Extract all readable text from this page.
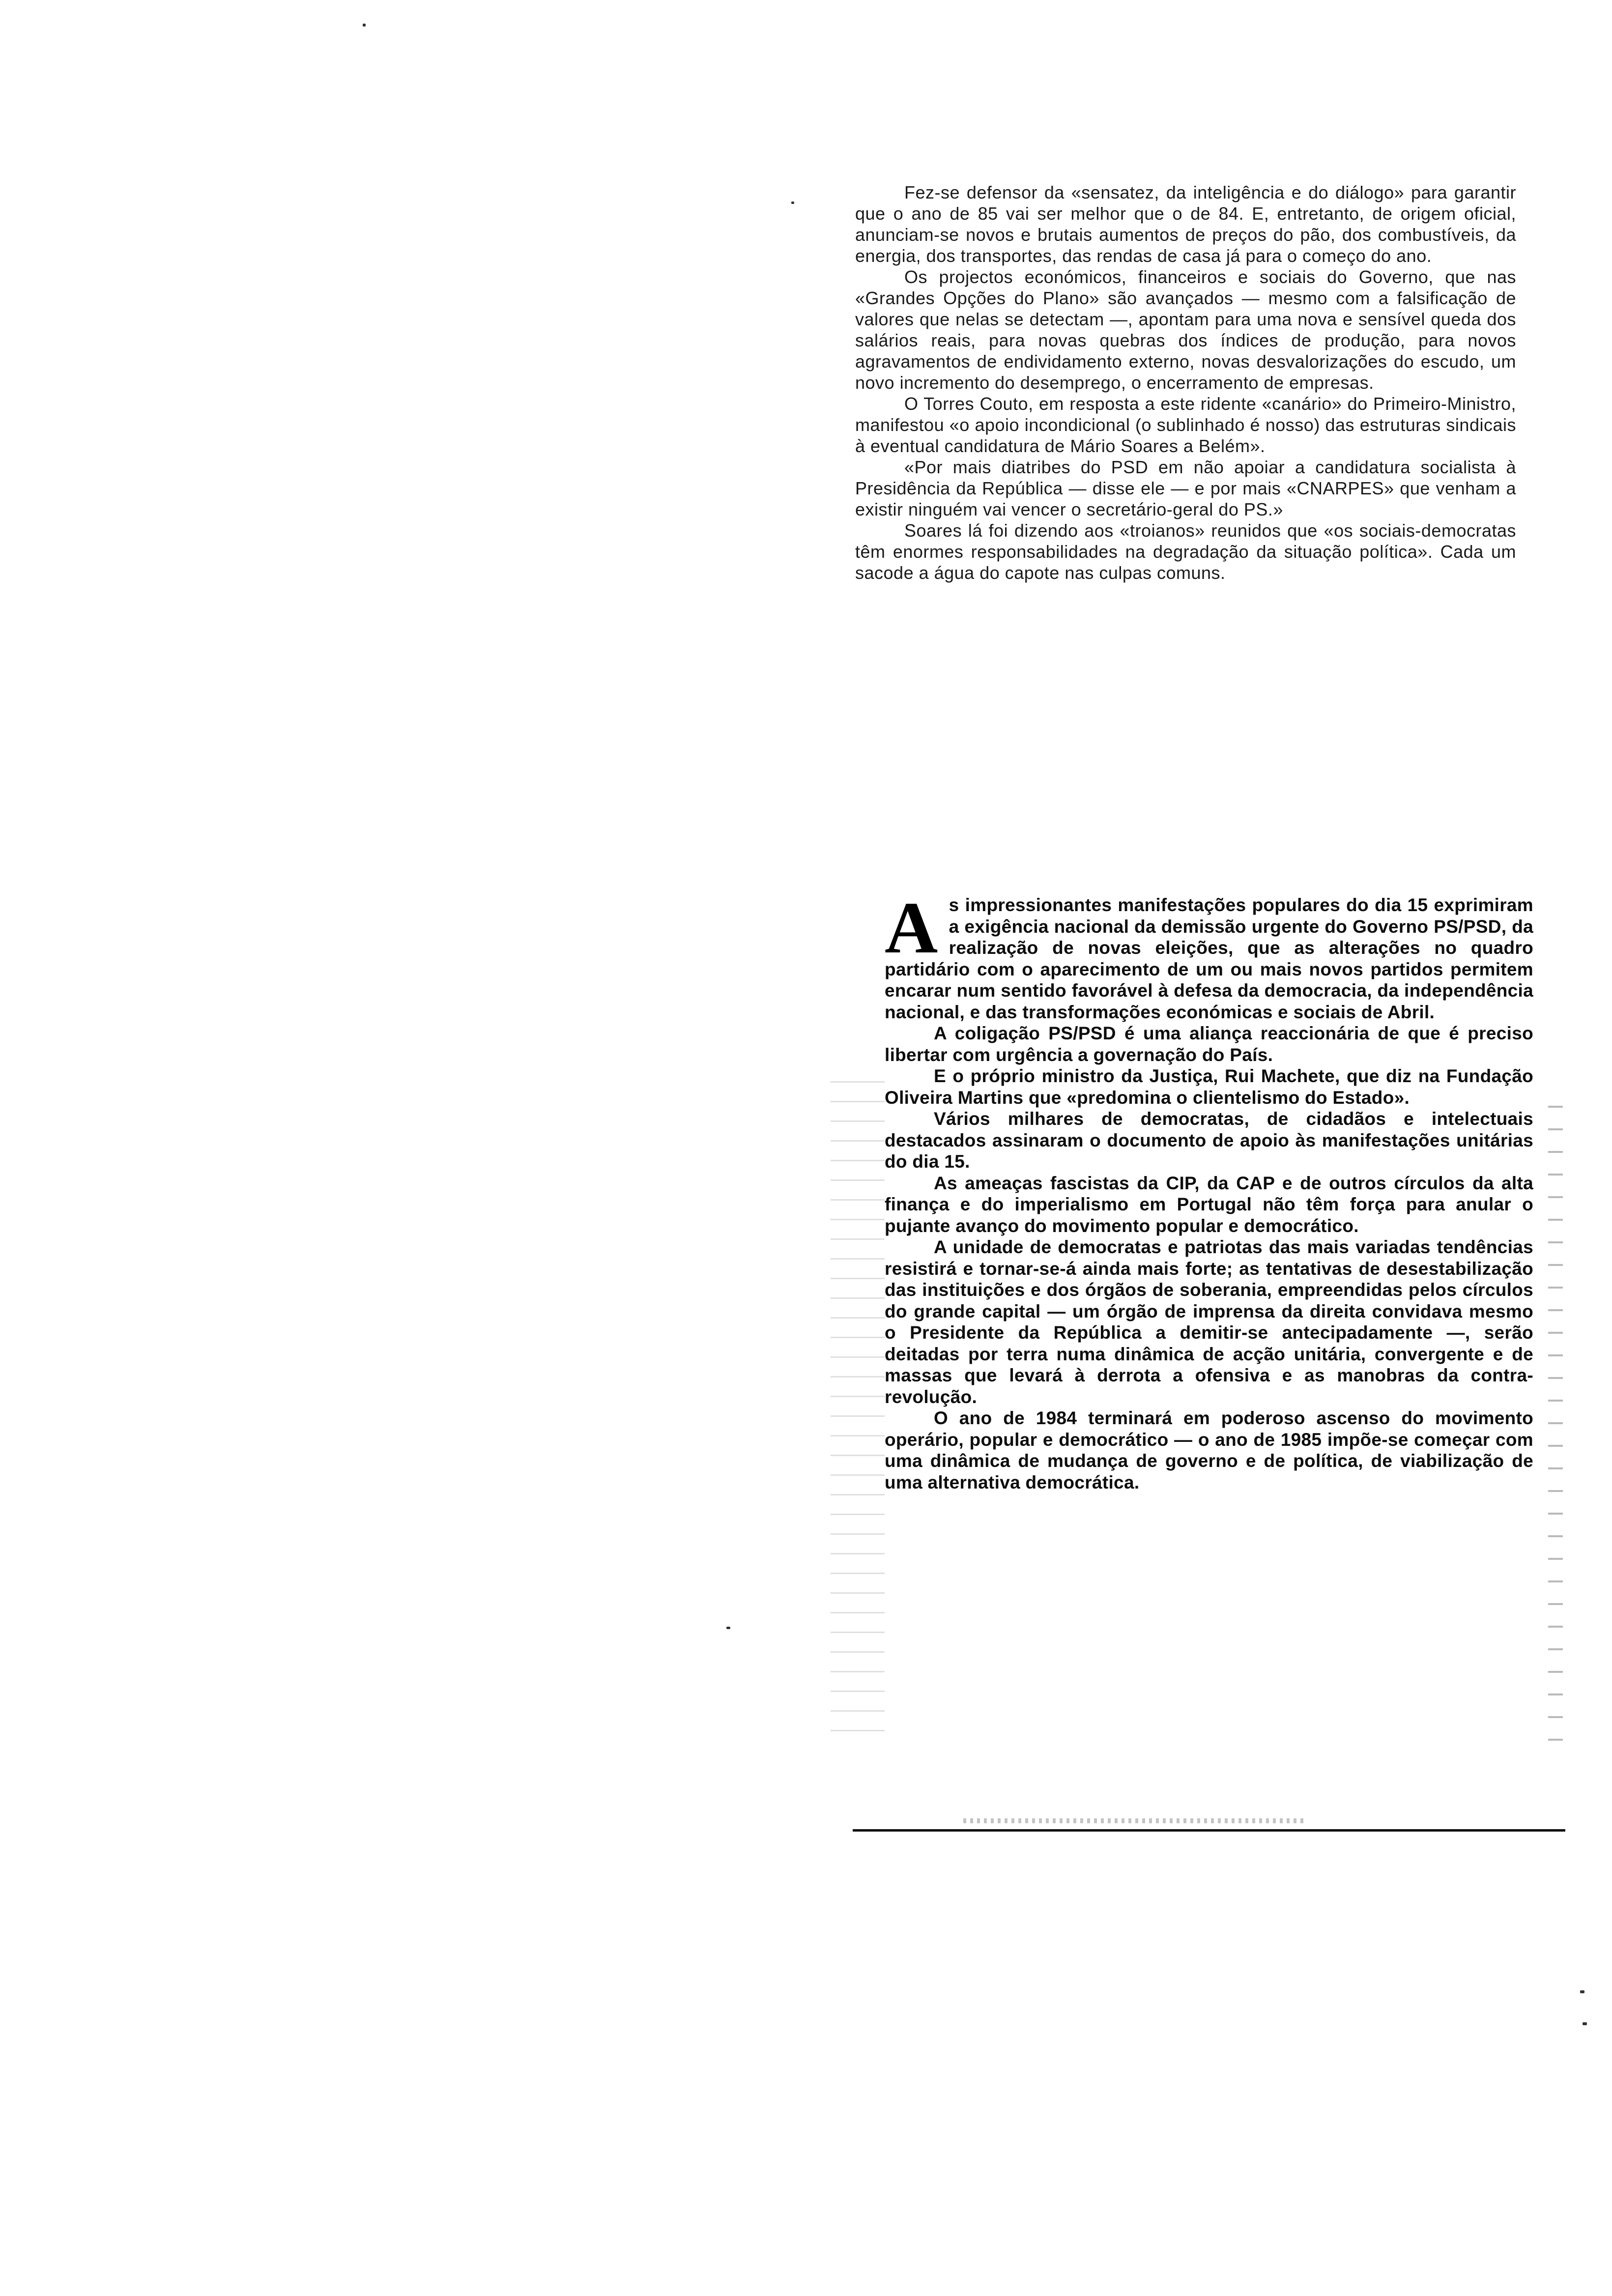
Fez-se defensor da «sensatez, da inteligência e do diálogo» para garantir que o ano de 85 vai ser melhor que o de 84. E, entretanto, de origem oficial, anunciam-se novos e brutais aumentos de preços do pão, dos combustíveis, da energia, dos transportes, das rendas de casa já para o começo do ano.

Os projectos económicos, financeiros e sociais do Governo, que nas «Grandes Opções do Plano» são avançados — mesmo com a falsificação de valores que nelas se detectam —, apontam para uma nova e sensível queda dos salários reais, para novas quebras dos índices de produção, para novos agravamentos de endividamento externo, novas desvalorizações do escudo, um novo incremento do desemprego, o encerramento de empresas.

O Torres Couto, em resposta a este ridente «canário» do Primeiro-Ministro, manifestou «o apoio incondicional (o sublinhado é nosso) das estruturas sindicais à eventual candidatura de Mário Soares a Belém».

«Por mais diatribes do PSD em não apoiar a candidatura socialista à Presidência da República — disse ele — e por mais «CNARPES» que venham a existir ninguém vai vencer o secretário-geral do PS.»

Soares lá foi dizendo aos «troianos» reunidos que «os sociais-democratas têm enormes responsabilidades na degradação da situação política». Cada um sacode a água do capote nas culpas comuns.

A s impressionantes manifestações populares do dia 15 exprimiram a exigência nacional da demissão urgente do Governo PS/PSD, da realização de novas eleições, que as alterações no quadro partidário com o aparecimento de um ou mais novos partidos permitem encarar num sentido favorável à defesa da democracia, da independência nacional, e das transformações económicas e sociais de Abril.

A coligação PS/PSD é uma aliança reaccionária de que é preciso libertar com urgência a governação do País.

E o próprio ministro da Justiça, Rui Machete, que diz na Fundação Oliveira Martins que «predomina o clientelismo do Estado».

Vários milhares de democratas, de cidadãos e intelectuais destacados assinaram o documento de apoio às manifestações unitárias do dia 15.

As ameaças fascistas da CIP, da CAP e de outros círculos da alta finança e do imperialismo em Portugal não têm força para anular o pujante avanço do movimento popular e democrático.

A unidade de democratas e patriotas das mais variadas tendências resistirá e tornar-se-á ainda mais forte; as tentativas de desestabilização das instituições e dos órgãos de soberania, empreendidas pelos círculos do grande capital — um órgão de imprensa da direita convidava mesmo o Presidente da República a demitir-se antecipadamente —, serão deitadas por terra numa dinâmica de acção unitária, convergente e de massas que levará à derrota a ofensiva e as manobras da contra-revolução.

O ano de 1984 terminará em poderoso ascenso do movimento operário, popular e democrático — o ano de 1985 impõe-se começar com uma dinâmica de mudança de governo e de política, de viabilização de uma alternativa democrática.
